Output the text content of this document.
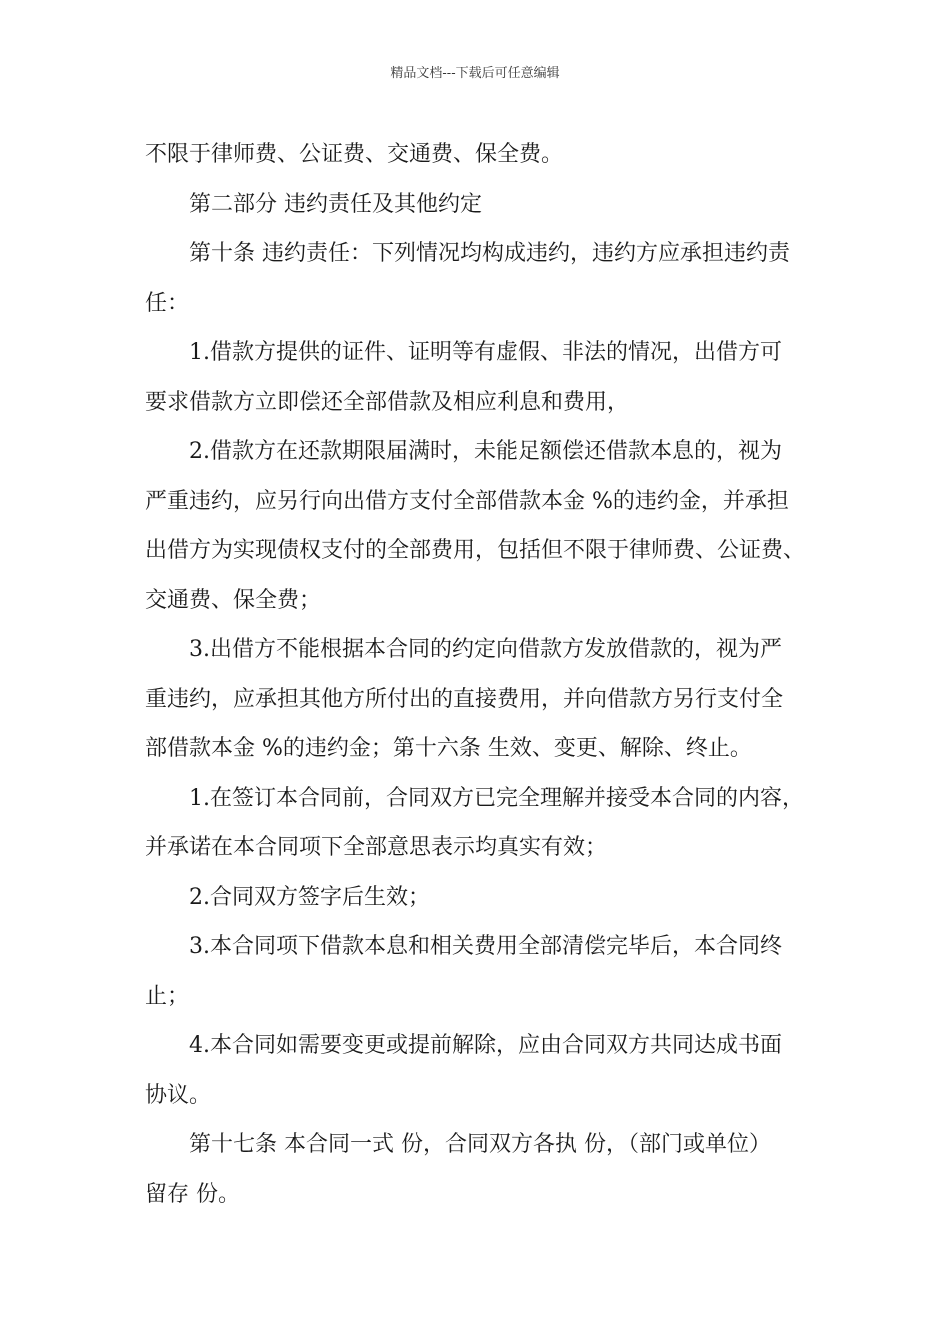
精品文档---下载后可任意编辑
不限于律师费、公证费、交通费、保全费。
第二部分 违约责任及其他约定
第十条 违约责任：下列情况均构成违约，违约方应承担违约责
任：
1.借款方提供的证件、证明等有虚假、非法的情况，出借方可
要求借款方立即偿还全部借款及相应利息和费用，
2.借款方在还款期限届满时，未能足额偿还借款本息的，视为
严重违约，应另行向出借方支付全部借款本金 %的违约金，并承担
出借方为实现债权支付的全部费用，包括但不限于律师费、公证费、
交通费、保全费；
3.出借方不能根据本合同的约定向借款方发放借款的，视为严
重违约，应承担其他方所付出的直接费用，并向借款方另行支付全
部借款本金 %的违约金；第十六条 生效、变更、解除、终止。
1.在签订本合同前，合同双方已完全理解并接受本合同的内容，
并承诺在本合同项下全部意思表示均真实有效；
2.合同双方签字后生效；
3.本合同项下借款本息和相关费用全部清偿完毕后，本合同终
止；
4.本合同如需要变更或提前解除，应由合同双方共同达成书面
协议。
第十七条 本合同一式 份，合同双方各执 份，（部门或单位）
留存 份。
